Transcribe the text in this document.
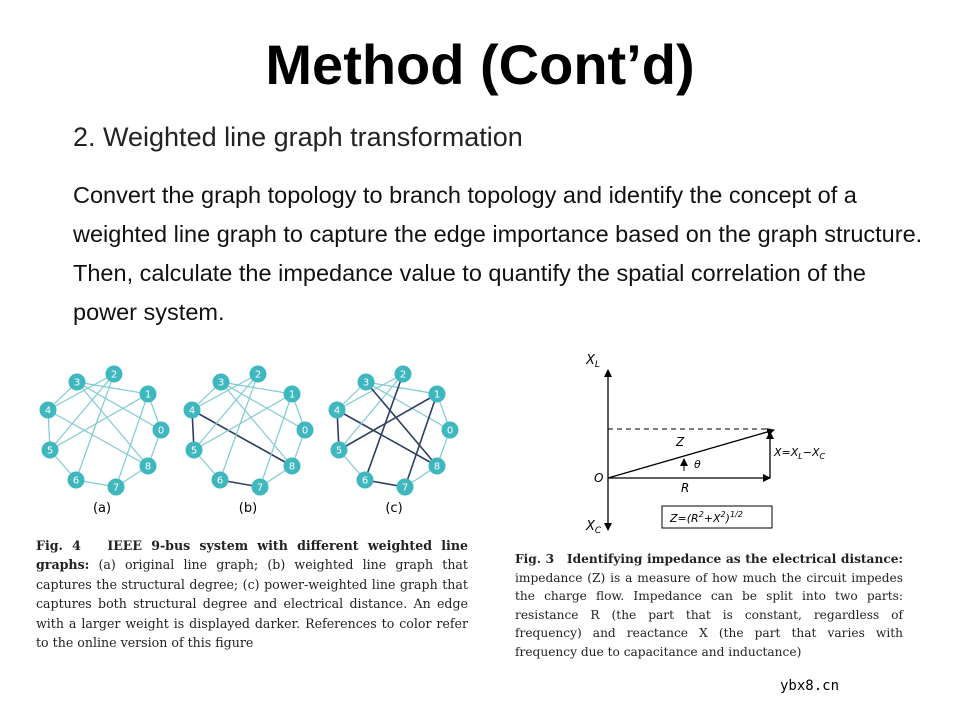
Method (Cont’d)
2. Weighted line graph transformation
Convert the graph topology to branch topology and identify the concept of a weighted line graph to capture the edge importance based on the graph structure. Then, calculate the impedance value to quantify the spatial correlation of the power system.
0
1
2
3
4
5
6
7
8
0
1
2
3
4
5
6
7
8
0
1
2
3
4
5
6
7
8
(a)	(b)	(c)
Fig. 4 IEEE 9-bus system with different weighted line graphs: (a) original line graph; (b) weighted line graph that captures the structural degree; (c) power-weighted line graph that captures both structural degree and electrical distance. An edge with a larger weight is displayed darker. References to color refer to the online version of this figure
$X_L$
$X_C$
O
Z
θ
R
$X=X_L-X_C$
$Z=(R^2+X^2)^{1/2}$
Fig. 3 Identifying impedance as the electrical distance: impedance (Z) is a measure of how much the circuit impedes the charge flow. Impedance can be split into two parts: resistance R (the part that is constant, regardless of frequency) and reactance X (the part that varies with frequency due to capacitance and inductance)
ybx8.cn
